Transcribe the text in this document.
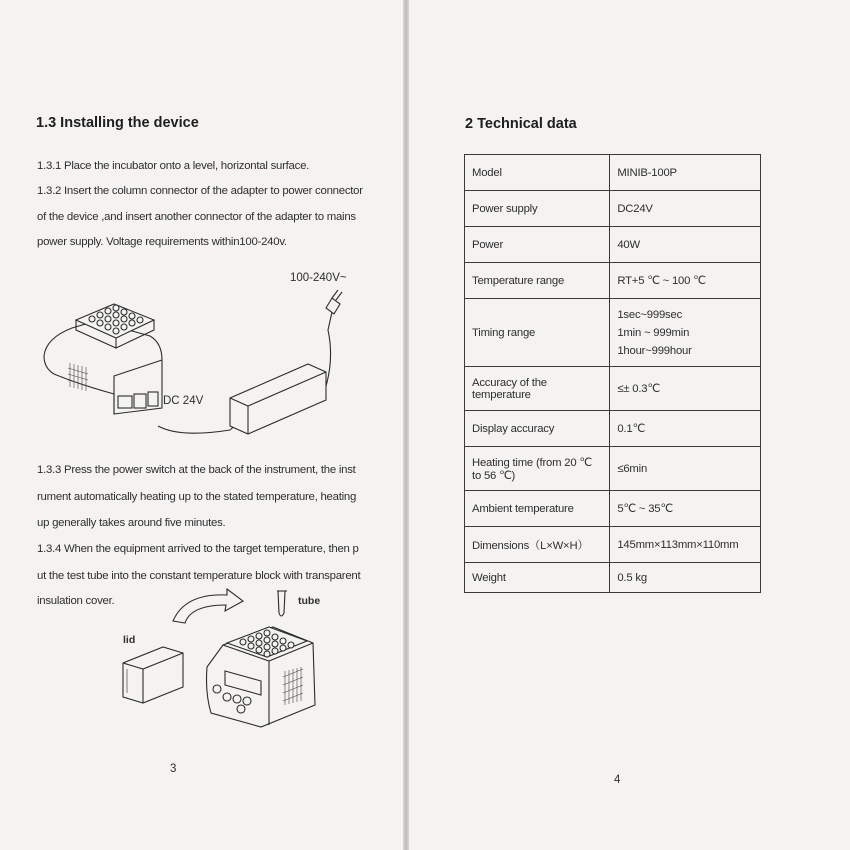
1.3 Installing the device
1.3.1 Place the incubator onto a level, horizontal surface.
1.3.2 Insert the column connector of the adapter to power connector
of the device ,and insert another connector of the adapter to mains
power supply. Voltage requirements within100-240v.
100-240V~
DC 24V
1.3.3 Press the power switch at the back of the instrument, the inst
rument automatically heating up to the stated temperature, heating
up generally takes around five minutes.
1.3.4 When the equipment arrived to the target temperature, then p
ut the test tube into the constant temperature block with transparent
insulation cover.	tube
lid
3
2 Technical data
Model	MINIB-100P

Power supply	DC24V

Power	40W

Temperature range	RT+5 ℃ ~ 100 ℃

Timing range	1sec~999sec
1min ~ 999min
1hour~999hour

Accuracy of the temperature	≤± 0.3℃

Display accuracy	0.1℃

Heating time (from 20 ℃ to 56 ℃)	≤6min

Ambient temperature	5℃ ~ 35℃

Dimensions（L×W×H）	145mm×113mm×110mm

Weight	0.5 kg
4
